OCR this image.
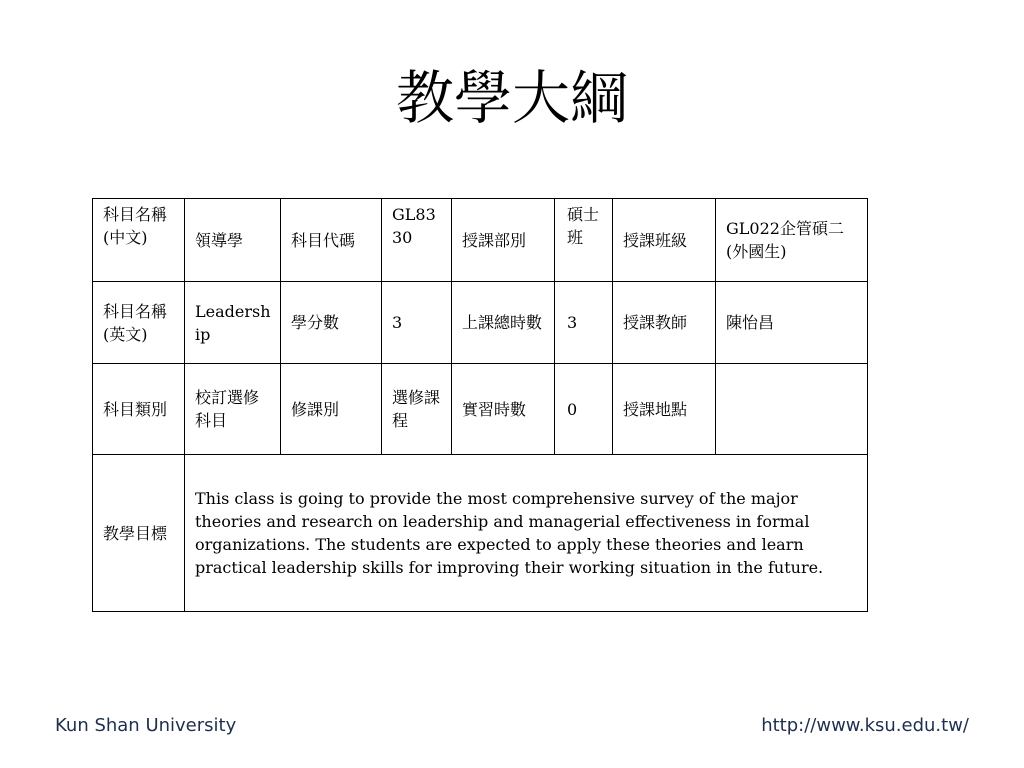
教學大綱
科目名稱(中文)	領導學	科目代碼	GL8330	授課部別	碩士班	授課班級	GL022企管碩二(外國生)
科目名稱(英文)	Leadership	學分數	3	上課總時數	3	授課教師	陳怡昌
科目類別	校訂選修科目	修課別	選修課程	實習時數	0	授課地點	
教學目標	This class is going to provide the most comprehensive survey of the major theories and research on leadership and managerial effectiveness in formal organizations. The students are expected to apply these theories and learn practical leadership skills for improving their working situation in the future.						
Kun Shan University	http://www.ksu.edu.tw/
